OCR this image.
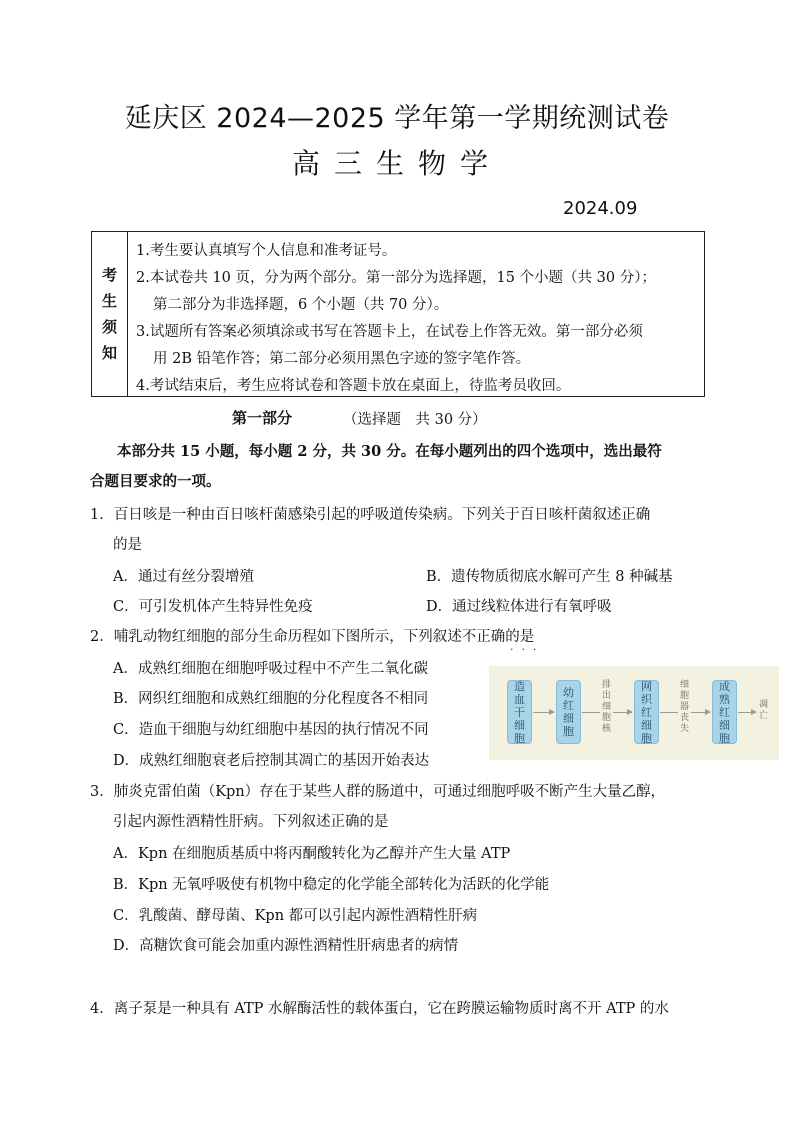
延庆区 2024—2025 学年第一学期统测试卷
高三生物学
2024.09
考
生
须
知
1.考生要认真填写个人信息和准考证号。
2.本试卷共 10 页，分为两个部分。第一部分为选择题，15 个小题（共 30 分）；
第二部分为非选择题，6 个小题（共 70 分）。
3.试题所有答案必须填涂或书写在答题卡上，在试卷上作答无效。第一部分必须
用 2B 铅笔作答；第二部分必须用黑色字迹的签字笔作答。
4.考试结束后，考生应将试卷和答题卡放在桌面上，待监考员收回。
第一部分	（选择题　共 30 分）
本部分共 15 小题，每小题 2 分，共 30 分。在每小题列出的四个选项中，选出最符
合题目要求的一项。
1．百日咳是一种由百日咳杆菌感染引起的呼吸道传染病。下列关于百日咳杆菌叙述正确
的是
A．通过有丝分裂增殖	B．遗传物质彻底水解可产生 8 种碱基
C．可引发机体产生特异性免疫	D．通过线粒体进行有氧呼吸
2．哺乳动物红细胞的部分生命历程如下图所示，下列叙述不正确的是
···
A．成熟红细胞在细胞呼吸过程中不产生二氧化碳
B．网织红细胞和成熟红细胞的分化程度各不相同
C．造血干细胞与幼红细胞中基因的执行情况不同
D．成熟红细胞衰老后控制其凋亡的基因开始表达
造
血
干
细
胞
幼
红
细
胞
排
出
细
胞
核
网
织
红
细
胞
细
胞
器
丧
失
成
熟
红
细
胞
凋
亡
3．肺炎克雷伯菌（Kpn）存在于某些人群的肠道中，可通过细胞呼吸不断产生大量乙醇，
引起内源性酒精性肝病。下列叙述正确的是
A．Kpn 在细胞质基质中将丙酮酸转化为乙醇并产生大量 ATP
B．Kpn 无氧呼吸使有机物中稳定的化学能全部转化为活跃的化学能
C．乳酸菌、酵母菌、Kpn 都可以引起内源性酒精性肝病
D．高糖饮食可能会加重内源性酒精性肝病患者的病情
4．离子泵是一种具有 ATP 水解酶活性的载体蛋白，它在跨膜运输物质时离不开 ATP 的水
